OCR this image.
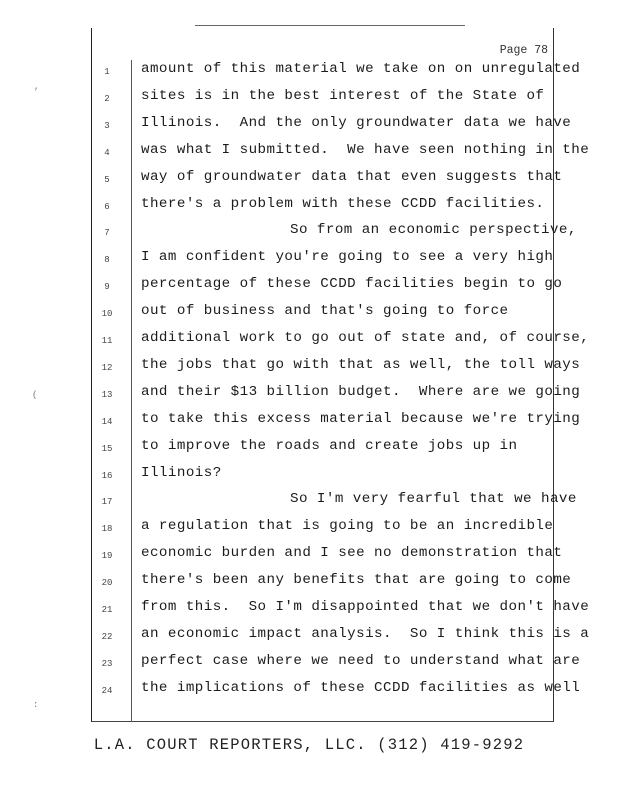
Page 78
1	amount of this material we take on on unregulated
2	sites is in the best interest of the State of
3	Illinois.  And the only groundwater data we have
4	was what I submitted.  We have seen nothing in the
5	way of groundwater data that even suggests that
6	there's a problem with these CCDD facilities.
7	So from an economic perspective,
8	I am confident you're going to see a very high
9	percentage of these CCDD facilities begin to go
10	out of business and that's going to force
11	additional work to go out of state and, of course,
12	the jobs that go with that as well, the toll ways
13	and their $13 billion budget.  Where are we going
14	to take this excess material because we're trying
15	to improve the roads and create jobs up in
16	Illinois?
17	So I'm very fearful that we have
18	a regulation that is going to be an incredible
19	economic burden and I see no demonstration that
20	there's been any benefits that are going to come
21	from this.  So I'm disappointed that we don't have
22	an economic impact analysis.  So I think this is a
23	perfect case where we need to understand what are
24	the implications of these CCDD facilities as well
,
(
:
L.A. COURT REPORTERS, LLC. (312) 419-9292
